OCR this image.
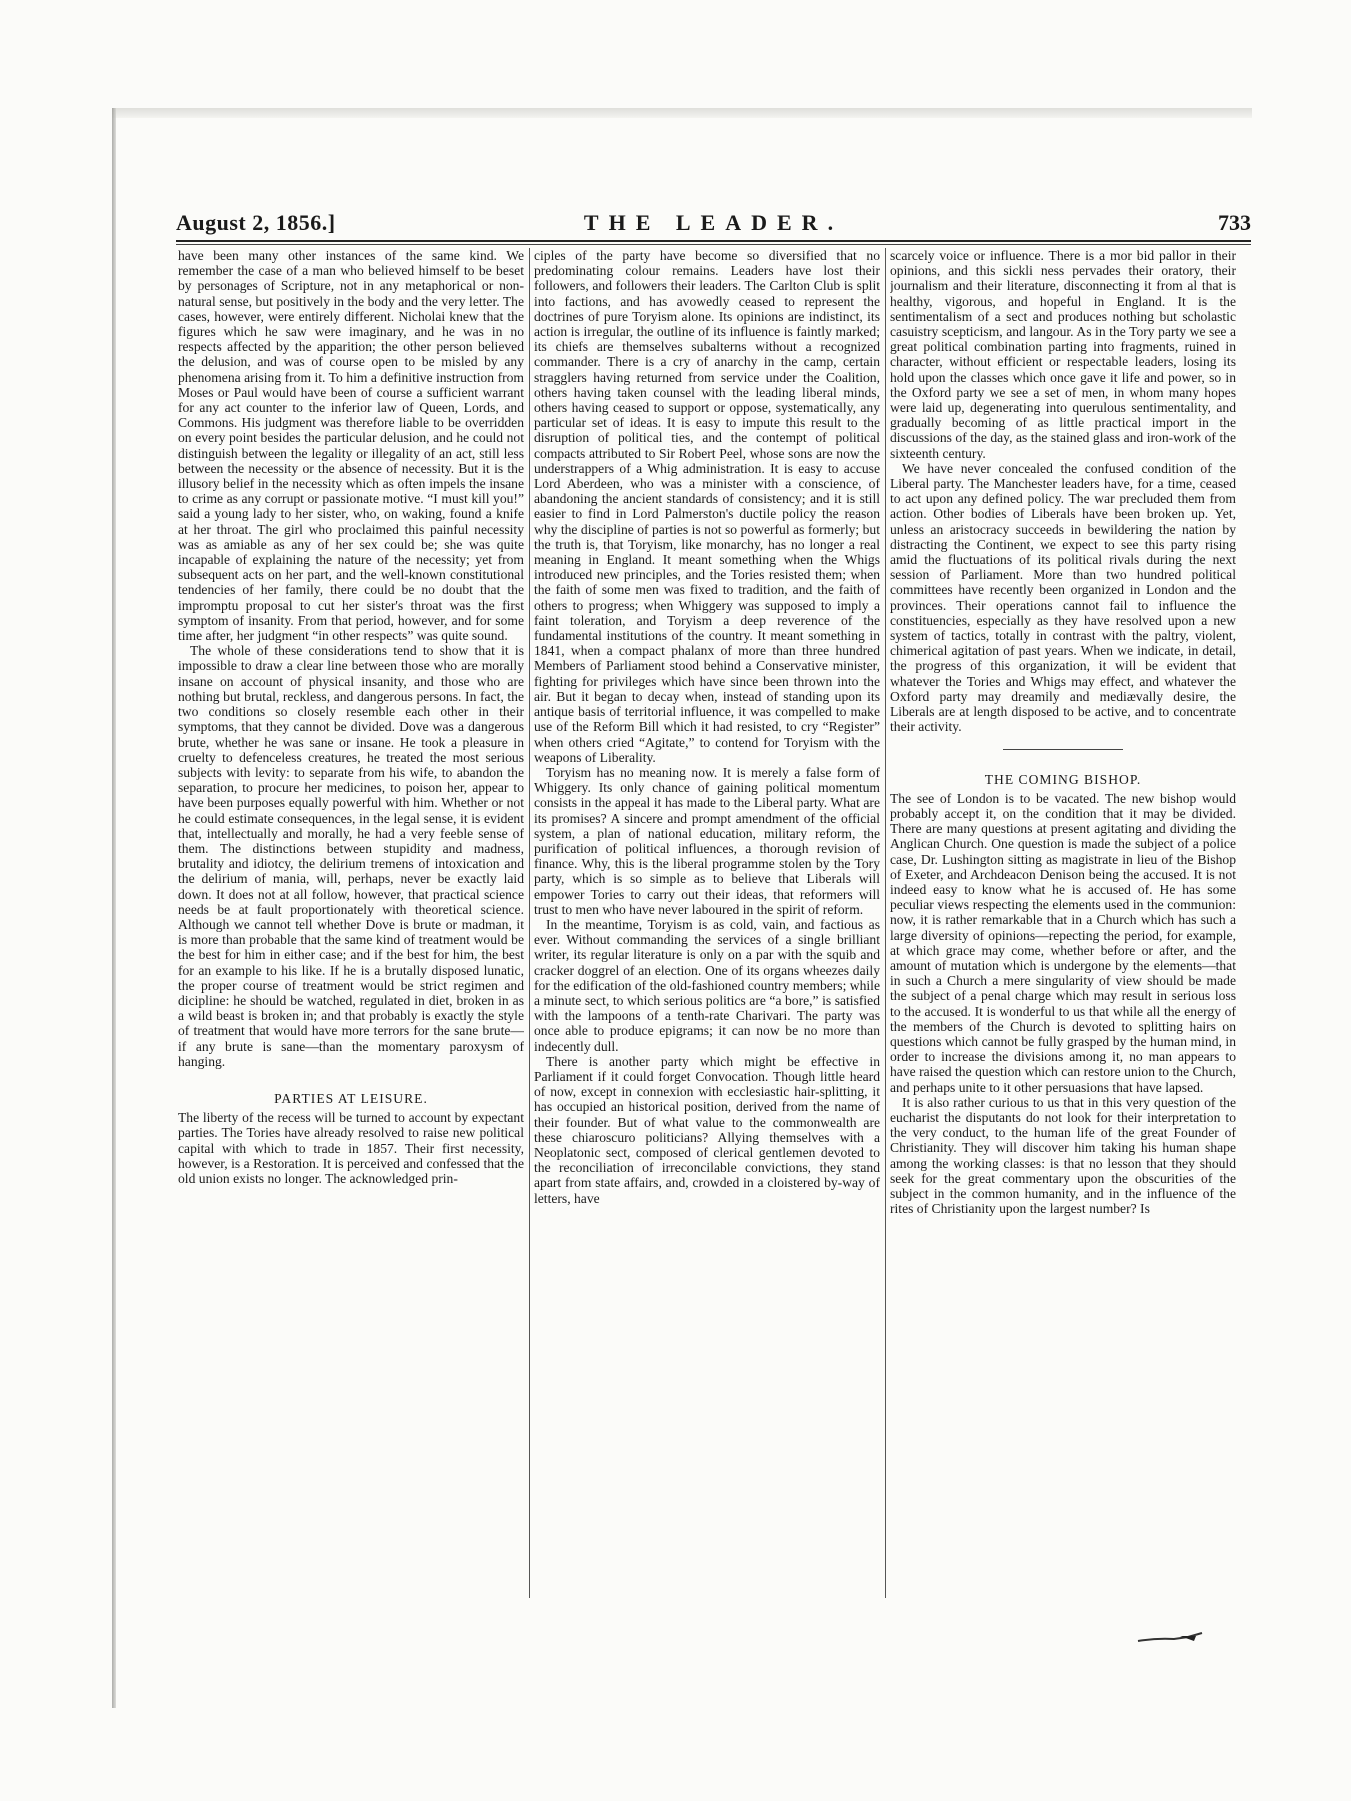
August 2, 1856.]	THE LEADER.	733

have been many other instances of the same kind. We remember the case of a man who believed himself to be beset by personages of Scripture, not in any metaphorical or non-natural sense, but positively in the body and the very letter. The cases, however, were entirely different. Nicholai knew that the figures which he saw were imaginary, and he was in no respects affected by the apparition; the other person believed the delusion, and was of course open to be misled by any phenomena arising from it. To him a definitive instruction from Moses or Paul would have been of course a sufficient warrant for any act counter to the inferior law of Queen, Lords, and Commons. His judgment was therefore liable to be overridden on every point besides the particular delusion, and he could not distinguish between the legality or illegality of an act, still less between the necessity or the absence of necessity. But it is the illusory belief in the necessity which as often impels the insane to crime as any corrupt or passionate motive. “I must kill you!” said a young lady to her sister, who, on waking, found a knife at her throat. The girl who proclaimed this painful necessity was as amiable as any of her sex could be; she was quite incapable of explaining the nature of the necessity; yet from subsequent acts on her part, and the well-known constitutional tendencies of her family, there could be no doubt that the impromptu proposal to cut her sister's throat was the first symptom of insanity. From that period, however, and for some time after, her judgment “in other respects” was quite sound.

The whole of these considerations tend to show that it is impossible to draw a clear line between those who are morally insane on account of physical insanity, and those who are nothing but brutal, reckless, and dangerous persons. In fact, the two conditions so closely resemble each other in their symptoms, that they cannot be divided. Dove was a dangerous brute, whether he was sane or insane. He took a pleasure in cruelty to defenceless creatures, he treated the most serious subjects with levity: to separate from his wife, to abandon the separation, to procure her medicines, to poison her, appear to have been purposes equally powerful with him. Whether or not he could estimate consequences, in the legal sense, it is evident that, intellectually and morally, he had a very feeble sense of them. The distinctions between stupidity and madness, brutality and idiotcy, the delirium tremens of intoxication and the delirium of mania, will, perhaps, never be exactly laid down. It does not at all follow, however, that practical science needs be at fault proportionately with theoretical science. Although we cannot tell whether Dove is brute or madman, it is more than probable that the same kind of treatment would be the best for him in either case; and if the best for him, the best for an example to his like. If he is a brutally disposed lunatic, the proper course of treatment would be strict regimen and dicipline: he should be watched, regulated in diet, broken in as a wild beast is broken in; and that probably is exactly the style of treatment that would have more terrors for the sane brute—if any brute is sane—than the momentary paroxysm of hanging.

PARTIES AT LEISURE.

The liberty of the recess will be turned to account by expectant parties. The Tories have already resolved to raise new political capital with which to trade in 1857. Their first necessity, however, is a Restoration. It is perceived and confessed that the old union exists no longer. The acknowledged prin-

ciples of the party have become so diversified that no predominating colour remains. Leaders have lost their followers, and followers their leaders. The Carlton Club is split into factions, and has avowedly ceased to represent the doctrines of pure Toryism alone. Its opinions are indistinct, its action is irregular, the outline of its influence is faintly marked; its chiefs are themselves subalterns without a recognized commander. There is a cry of anarchy in the camp, certain stragglers having returned from service under the Coalition, others having taken counsel with the leading liberal minds, others having ceased to support or oppose, systematically, any particular set of ideas. It is easy to impute this result to the disruption of political ties, and the contempt of political compacts attributed to Sir Robert Peel, whose sons are now the understrappers of a Whig administration. It is easy to accuse Lord Aberdeen, who was a minister with a conscience, of abandoning the ancient standards of consistency; and it is still easier to find in Lord Palmerston's ductile policy the reason why the discipline of parties is not so powerful as formerly; but the truth is, that Toryism, like monarchy, has no longer a real meaning in England. It meant something when the Whigs introduced new principles, and the Tories resisted them; when the faith of some men was fixed to tradition, and the faith of others to progress; when Whiggery was supposed to imply a faint toleration, and Toryism a deep reverence of the fundamental institutions of the country. It meant something in 1841, when a compact phalanx of more than three hundred Members of Parliament stood behind a Conservative minister, fighting for privileges which have since been thrown into the air. But it began to decay when, instead of standing upon its antique basis of territorial influence, it was compelled to make use of the Reform Bill which it had resisted, to cry “Register” when others cried “Agitate,” to contend for Toryism with the weapons of Liberality.

Toryism has no meaning now. It is merely a false form of Whiggery. Its only chance of gaining political momentum consists in the appeal it has made to the Liberal party. What are its promises? A sincere and prompt amendment of the official system, a plan of national education, military reform, the purification of political influences, a thorough revision of finance. Why, this is the liberal programme stolen by the Tory party, which is so simple as to believe that Liberals will empower Tories to carry out their ideas, that reformers will trust to men who have never laboured in the spirit of reform.

In the meantime, Toryism is as cold, vain, and factious as ever. Without commanding the services of a single brilliant writer, its regular literature is only on a par with the squib and cracker doggrel of an election. One of its organs wheezes daily for the edification of the old-fashioned country members; while a minute sect, to which serious politics are “a bore,” is satisfied with the lampoons of a tenth-rate Charivari. The party was once able to produce epigrams; it can now be no more than indecently dull.

There is another party which might be effective in Parliament if it could forget Convocation. Though little heard of now, except in connexion with ecclesiastic hair-splitting, it has occupied an historical position, derived from the name of their founder. But of what value to the commonwealth are these chiaroscuro politicians? Allying themselves with a Neoplatonic sect, composed of clerical gentlemen devoted to the reconciliation of irreconcilable convictions, they stand apart from state affairs, and, crowded in a cloistered by-way of letters, have

scarcely voice or influence. There is a mor bid pallor in their opinions, and this sickli ness pervades their oratory, their journalism and their literature, disconnecting it from al that is healthy, vigorous, and hopeful in England. It is the sentimentalism of a sect and produces nothing but scholastic casuistry scepticism, and langour. As in the Tory party we see a great political combination parting into fragments, ruined in character, without efficient or respectable leaders, losing its hold upon the classes which once gave it life and power, so in the Oxford party we see a set of men, in whom many hopes were laid up, degenerating into querulous sentimentality, and gradually becoming of as little practical import in the discussions of the day, as the stained glass and iron-work of the sixteenth century.

We have never concealed the confused condition of the Liberal party. The Manchester leaders have, for a time, ceased to act upon any defined policy. The war precluded them from action. Other bodies of Liberals have been broken up. Yet, unless an aristocracy succeeds in bewildering the nation by distracting the Continent, we expect to see this party rising amid the fluctuations of its political rivals during the next session of Parliament. More than two hundred political committees have recently been organized in London and the provinces. Their operations cannot fail to influence the constituencies, especially as they have resolved upon a new system of tactics, totally in contrast with the paltry, violent, chimerical agitation of past years. When we indicate, in detail, the progress of this organization, it will be evident that whatever the Tories and Whigs may effect, and whatever the Oxford party may dreamily and mediævally desire, the Liberals are at length disposed to be active, and to concentrate their activity.

THE COMING BISHOP.

The see of London is to be vacated. The new bishop would probably accept it, on the condition that it may be divided. There are many questions at present agitating and dividing the Anglican Church. One question is made the subject of a police case, Dr. Lushington sitting as magistrate in lieu of the Bishop of Exeter, and Archdeacon Denison being the accused. It is not indeed easy to know what he is accused of. He has some peculiar views respecting the elements used in the communion: now, it is rather remarkable that in a Church which has such a large diversity of opinions—repecting the period, for example, at which grace may come, whether before or after, and the amount of mutation which is undergone by the elements—that in such a Church a mere singularity of view should be made the subject of a penal charge which may result in serious loss to the accused. It is wonderful to us that while all the energy of the members of the Church is devoted to splitting hairs on questions which cannot be fully grasped by the human mind, in order to increase the divisions among it, no man appears to have raised the question which can restore union to the Church, and perhaps unite to it other persuasions that have lapsed.

It is also rather curious to us that in this very question of the eucharist the disputants do not look for their interpretation to the very conduct, to the human life of the great Founder of Christianity. They will discover him taking his human shape among the working classes: is that no lesson that they should seek for the great commentary upon the obscurities of the subject in the common humanity, and in the influence of the rites of Christianity upon the largest number? Is
